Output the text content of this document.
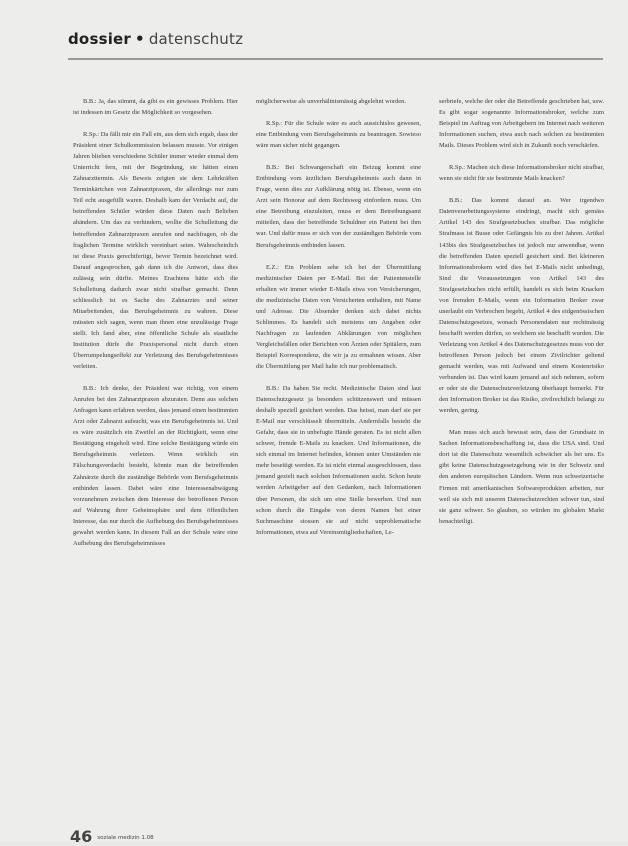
dossier • datenschutz

B.B.: Ja, das stimmt, da gibt es ein gewisses Problem. Hier ist indessen im Gesetz die Möglichkeit so vorgesehen.

R.Sp.: Da fällt mir ein Fall ein, aus dem sich ergab, dass der Präsident einer Schulkommission belassen musste. Vor einigen Jahren blieben verschiedene Schüler immer wieder einmal dem Unterricht fern, mit der Begründung, sie hätten einen Zahnarzttermin. Als Beweis zeigten sie dem Lehrkräften Terminkärtchen von Zahnarztpraxen, die allerdings nur zum Teil echt ausgefüllt waren. Deshalb kam der Verdacht auf, die betreffenden Schüler würden diese Daten nach Belieben abändern. Um das zu verhindern, wollte die Schulleitung die betreffenden Zahnarztpraxen anrufen und nachfragen, ob die fraglichen Termine wirklich vereinbart seien. Wahrscheinlich ist diese Praxis gerechtfertigt, bevor Termin bezeichnet wird. Darauf angesprochen, gab dann ich die Antwort, dass dies zulässig sein dürfte. Meines Erachtens hätte sich die Schulleitung dadurch zwar nicht strafbar gemacht. Denn schliesslich ist es Sache des Zahnarztes und seiner Mitarbeitenden, das Berufsgeheimnis zu wahren. Diese müssten sich sagen, wenn man ihnen eine unzulässige Frage stellt. Ich fand aber, eine öffentliche Schule als staatliche Institution dürfe die Praxispersonal nicht durch einen Überrumpelungseffekt zur Verletzung des Berufsgeheimnisses verleiten.

B.B.: Ich denke, der Präsident war richtig, von einem Anrufen bei den Zahnarztpraxen abzuraten. Denn aus solchen Anfragen kann erfahren werden, dass jemand einen bestimmten Arzt oder Zahnarzt aufsucht, was ein Berufsgeheimnis ist. Und es wäre zusätzlich ein Zweifel an der Richtigkeit, wenn eine Bestätigung eingeholt wird. Eine solche Bestätigung würde ein Berufsgeheimnis verletzen. Wenn wirklich ein Fälschungsverdacht besteht, könnte man die betreffenden Zahnärzte durch die zuständige Behörde vom Berufsgeheimnis entbinden lassen. Dabei wäre eine Interessenabwägung vorzunehmen zwischen dem Interesse der betroffenen Person auf Wahrung ihrer Geheimsphäre und dem öffentlichen Interesse, das nur durch die Aufhebung des Berufsgeheimnisses gewahrt werden kann. In diesem Fall an der Schule wäre eine Aufhebung des Berufsgeheimnisses

möglicherweise als unverhältnismässig abgelehnt worden.

R.Sp.: Für die Schule wäre es auch aussichtslos gewesen, eine Entbindung vom Berufsgeheimnis zu beantragen. Sowieso wäre man sicher nicht gegangen.

B.B.: Bei Schwangerschaft ein Beizug kommt eine Entbindung vom ärztlichen Berufsgeheimnis auch dann in Frage, wenn dies zur Aufklärung nötig ist. Ebenso, wenn ein Arzt sein Honorar auf dem Rechtsweg einfordern muss. Um eine Betreibung einzuleiten, muss er dem Betreibungsamt mitteilen, dass der betreffende Schuldner ein Patient bei ihm war. Und dafür muss er sich von der zuständigen Behörde vom Berufsgeheimnis entbinden lassen.

E.Z.: Ein Problem sehe ich bei der Übermittlung medizinischer Daten per E-Mail. Bei der Patientenstelle erhalten wir immer wieder E-Mails etwa von Versicherungen, die medizinische Daten von Versicherten enthalten, mit Name und Adresse. Die Absender denken sich dabei nichts Schlimmes. Es handelt sich meistens um Angaben oder Nachfragen zu laufenden Abklärungen von möglichen Vergleichsfällen oder Berichten von Ärzten oder Spitälern, zum Beispiel Korrespondenz, die wir ja zu ermahnen wissen. Aber die Übermittlung per Mail halte ich nur problematisch.

B.B.: Da haben Sie recht. Medizinische Daten sind laut Datenschutzgesetz ja besonders schützenswert und müssen deshalb speziell gesichert werden. Das heisst, man darf sie per E-Mail nur verschlüsselt übermitteln. Andernfalls besteht die Gefahr, dass sie in unbefugte Hände geraten. Es ist nicht allen schwer, fremde E-Mails zu knacken. Und Informationen, die sich einmal im Internet befinden, können unter Umständen nie mehr beseitigt werden. Es ist nicht einmal ausgeschlossen, dass jemand gezielt nach solchen Informationen sucht. Schon heute werden Arbeitgeber auf den Gedanken, nach Informationen über Personen, die sich um eine Stelle bewerben. Und nun schon durch die Eingabe von deren Namen bei einer Suchmaschine stossen sie auf nicht unproblematische Informationen, etwa auf Vereinsmitgliedschaften, Le-

serbriefe, welche der oder die Betreffende geschrieben hat, usw. Es gibt sogar sogenannte Informationsbroker, welche zum Beispiel im Auftrag von Arbeitgebern im Internet nach weiteren Informationen suchen, etwa auch nach solchen zu bestimmten Mails. Dieses Problem wird sich in Zukunft noch verschärfen.

R.Sp.: Machen sich diese Informationsbroker nicht strafbar, wenn sie nicht für sie bestimmte Mails knacken?

B.B.: Das kommt darauf an. Wer irgendwo Datenverarbeitungssysteme eindringt, macht sich gemäss Artikel 143 des Strafgesetzbuches strafbar. Das mögliche Strafmass ist Busse oder Gefängnis bis zu drei Jahren. Artikel 143bis des Strafgesetzbuches ist jedoch nur anwendbar, wenn die betreffenden Daten speziell gesichert sind. Bei kleineren Informationsbrokern wird dies bei E-Mails nicht unbedingt, Sind die Voraussetzungen von Artikel 143 des Strafgesetzbuches nicht erfüllt, handelt es sich beim Knacken von fremden E-Mails, wenn ein Information Broker zwar unerlaubt ein Verbrechen begeht, Artikel 4 des eidgenössischen Datenschutzgesetzes, wonach Personendaten nur rechtmässig beschafft werden dürfen, so welchem sie beschafft wurden. Die Verletzung von Artikel 4 des Datenschutzgesetzes muss von der betroffenen Person jedoch bei einem Zivilrichter geltend gemacht werden, was mit Aufwand und einem Kostenrisiko verbunden ist. Das wird kaum jemand auf sich nehmen, sofern er oder sie die Datenschutzverletzung überhaupt bemerkt. Für den Information Broker ist das Risiko, zivilrechtlich belangt zu werden, gering.

Man muss sich auch bewusst sein, dass der Grundsatz in Sachen Informationsbeschaffung ist, dass die USA sind. Und dort ist die Datenschutz wesentlich schwächer als bei uns. Es gibt keine Datenschutzgesetzgebung wie in der Schweiz und den anderen europäischen Ländern. Wenn nun schweizerische Firmen mit amerikanischen Softwareprodukten arbeiten, nur weil sie sich mit unseren Datenschutzrechten schwer tun, sind sie ganz schwer. So glauben, so würden im globalen Markt benachteiligt.

46 soziale medizin 1.08
